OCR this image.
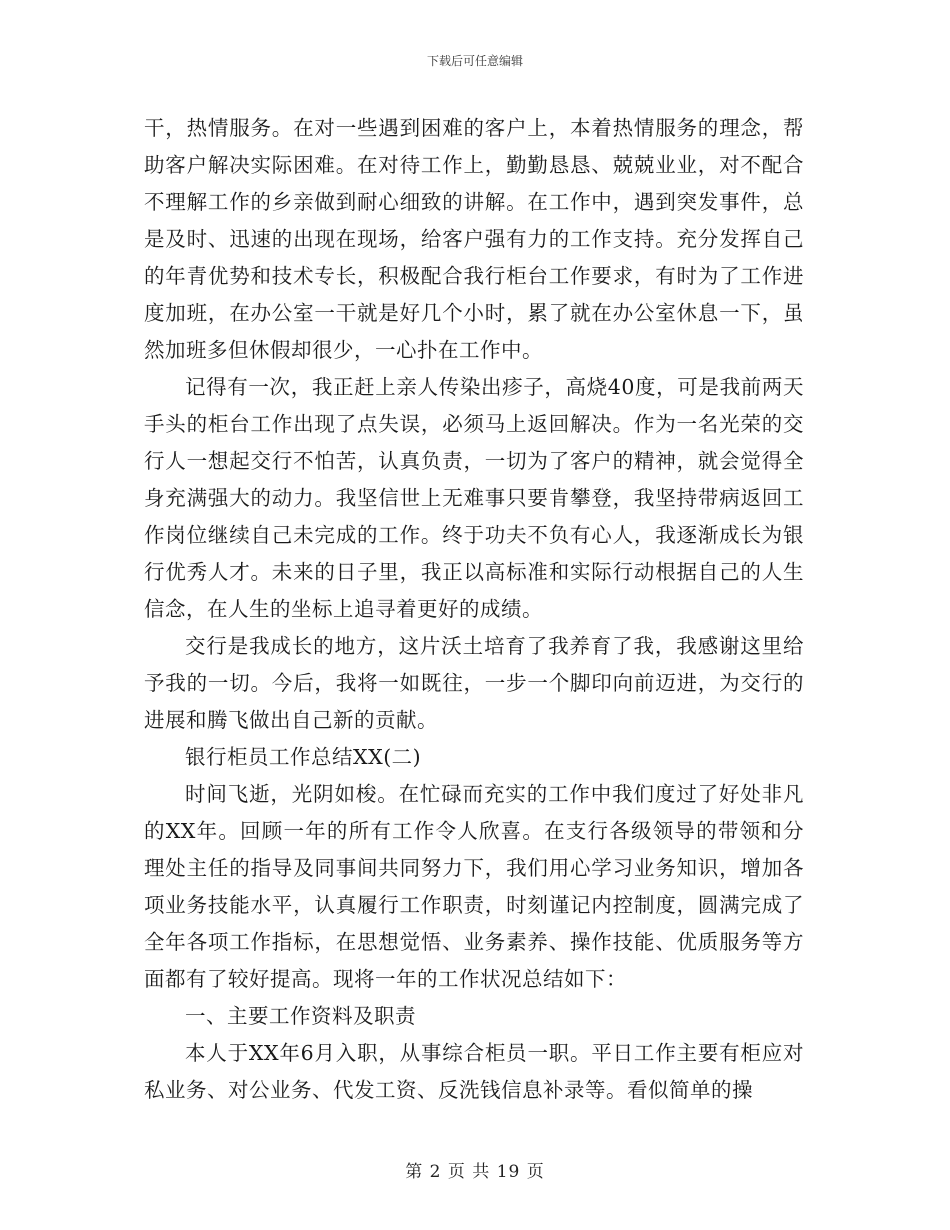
下载后可任意编辑

干，热情服务。在对一些遇到困难的客户上，本着热情服务的理念，帮助客户解决实际困难。在对待工作上，勤勤恳恳、兢兢业业，对不配合不理解工作的乡亲做到耐心细致的讲解。在工作中，遇到突发事件，总是及时、迅速的出现在现场，给客户强有力的工作支持。充分发挥自己的年青优势和技术专长，积极配合我行柜台工作要求，有时为了工作进度加班，在办公室一干就是好几个小时，累了就在办公室休息一下，虽然加班多但休假却很少，一心扑在工作中。

记得有一次，我正赶上亲人传染出疹子，高烧40度，可是我前两天手头的柜台工作出现了点失误，必须马上返回解决。作为一名光荣的交行人一想起交行不怕苦，认真负责，一切为了客户的精神，就会觉得全身充满强大的动力。我坚信世上无难事只要肯攀登，我坚持带病返回工作岗位继续自己未完成的工作。终于功夫不负有心人，我逐渐成长为银行优秀人才。未来的日子里，我正以高标准和实际行动根据自己的人生信念，在人生的坐标上追寻着更好的成绩。

交行是我成长的地方，这片沃土培育了我养育了我，我感谢这里给予我的一切。今后，我将一如既往，一步一个脚印向前迈进，为交行的进展和腾飞做出自己新的贡献。

银行柜员工作总结XX(二)

时间飞逝，光阴如梭。在忙碌而充实的工作中我们度过了好处非凡的XX年。回顾一年的所有工作令人欣喜。在支行各级领导的带领和分理处主任的指导及同事间共同努力下，我们用心学习业务知识，增加各项业务技能水平，认真履行工作职责，时刻谨记内控制度，圆满完成了全年各项工作指标，在思想觉悟、业务素养、操作技能、优质服务等方面都有了较好提高。现将一年的工作状况总结如下：

一、主要工作资料及职责

本人于XX年6月入职，从事综合柜员一职。平日工作主要有柜应对私业务、对公业务、代发工资、反洗钱信息补录等。看似简单的操

第 2 页 共 19 页
